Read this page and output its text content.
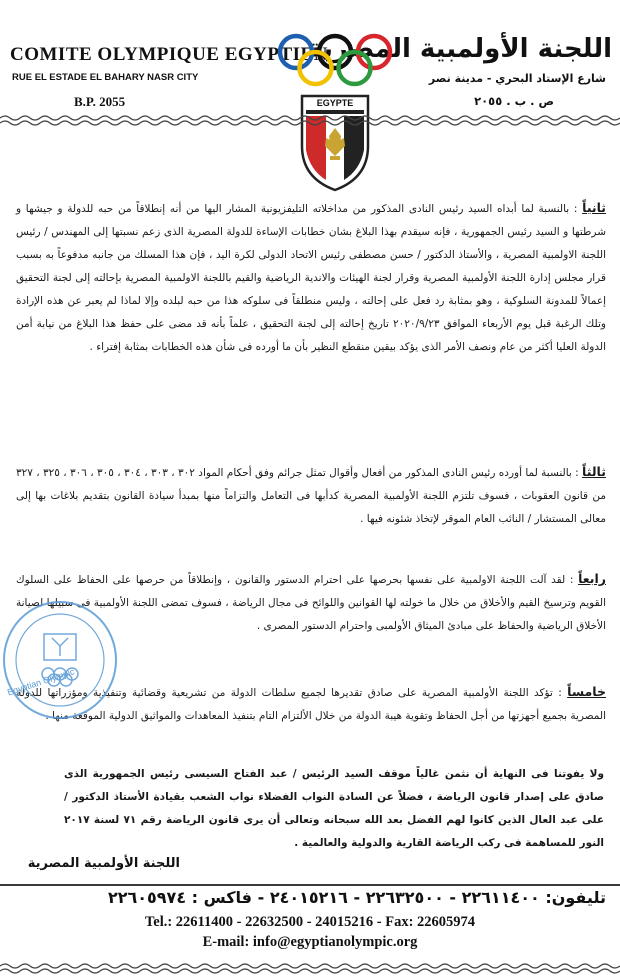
COMITE OLYMPIQUE EGYPTIEN
RUE EL ESTADE EL BAHARY NASR CITY
B.P. 2055
اللجنة الأولمبية المصرية
شارع الإستاد البحري - مدينة نصر
ص . ب . ٢٠٥٥
EGYPTE
ثانياً : بالنسبة لما أبداه السيد رئيس النادى المذكور من مداخلاته التليفزيونية المشار اليها من أنه إنطلاقاً من حبه للدولة و جيشها و شرطتها و السيد رئيس الجمهورية ، فإنه سيقدم بهذا البلاغ بشان خطابات الإساءة للدولة المصرية الذى زعم نسبتها إلى المهندس / رئيس اللجنة الاولمبية المصرية ، والأستاذ الدكتور / حسن مصطفى رئيس الاتحاد الدولى لكرة اليد ، فإن هذا المسلك من جانبه مدفوعاً به بسبب قرار مجلس إدارة اللجنة الأولمبية المصرية وقرار لجنة الهيئات والاندية الرياضية والقيم باللجنة الاولمبية المصرية بإحالته إلى لجنة التحقيق إعمالاً للمدونة السلوكية ، وهو بمثابة رد فعل على إحالته ، وليس منطلقاً فى سلوكه هذا من حبه لبلده وإلا لماذا لم يعبر عن هذه الإرادة وتلك الرغبة قبل يوم الأربعاء الموافق ٢٠٢٠/٩/٢٣ تاريخ إحالته إلى لجنة التحقيق ، علماً بأنه قد مضى على حفظ هذا البلاغ من نيابة أمن الدولة العليا أكثر من عام ونصف الأمر الذى يؤكد بيقين منقطع النظير بأن ما أورده فى شأن هذه الخطابات بمثابة إفتراء .
ثالثاً : بالنسبة لما أورده رئيس النادى المذكور من أفعال وأقوال تمثل جرائم وفق أحكام المواد ٣٠٢ ، ٣٠٣ ، ٣٠٤ ، ٣٠٥ ، ٣٠٦ ، ٣٢٥ ، ٣٢٧ من قانون العقوبات ، فسوف تلتزم اللجنة الأولمبية المصرية كدأبها فى التعامل والتزاماً منها بمبدأ سيادة القانون بتقديم بلاغات بها إلى معالى المستشار / النائب العام الموقر لإتخاذ شئونه فيها .
رابعاً : لقد آلت اللجنة الاولمبية على نفسها بحرصها على احترام الدستور والقانون ، وإنطلاقاً من حرصها على الحفاظ على السلوك القويم وترسيخ القيم والأخلاق من خلال ما خولته لها القوانين واللوائح فى مجال الرياضة ، فسوف تمضى اللجنة الأولمبية فى سبيلها لصيانة الأخلاق الرياضية والحفاظ على مبادئ الميثاق الأولمبى واحترام الدستور المصرى .
خامساً : تؤكد اللجنة الأولمبية المصرية على صادق تقديرها لجميع سلطات الدولة من تشريعية وقضائية وتنفيذية ومؤزراتها للدولة المصرية بجميع أجهزتها من أجل الحفاظ وتقوية هيبة الدولة من خلال الألتزام التام بتنفيذ المعاهدات والمواثيق الدولية الموقعة منها .
ولا يفوتنا فى النهاية أن نثمن غالياً موقف السيد الرئيس / عبد الفتاح السيسى رئيس الجمهورية الذى صادق على إصدار قانون الرياضة ، فضلاً عن السادة النواب الفضلاء نواب الشعب بقيادة الأستاذ الدكتور / على عبد العال الذين كانوا لهم الفضل بعد الله سبحانه وتعالى أن يرى قانون الرياضة رقم ٧١ لسنة ٢٠١٧ النور للمساهمة فى ركب الرياضة القارية والدولية والعالمية .
اللجنة الأولمبية المصرية
Egyptian Olympic
تليفون: ٢٢٦١١٤٠٠ - ٢٢٦٣٢٥٠٠ - ٢٤٠١٥٢١٦ - فاكس : ٢٢٦٠٥٩٧٤
Tel.: 22611400 - 22632500 - 24015216 - Fax: 22605974
E-mail: info@egyptianolympic.org
